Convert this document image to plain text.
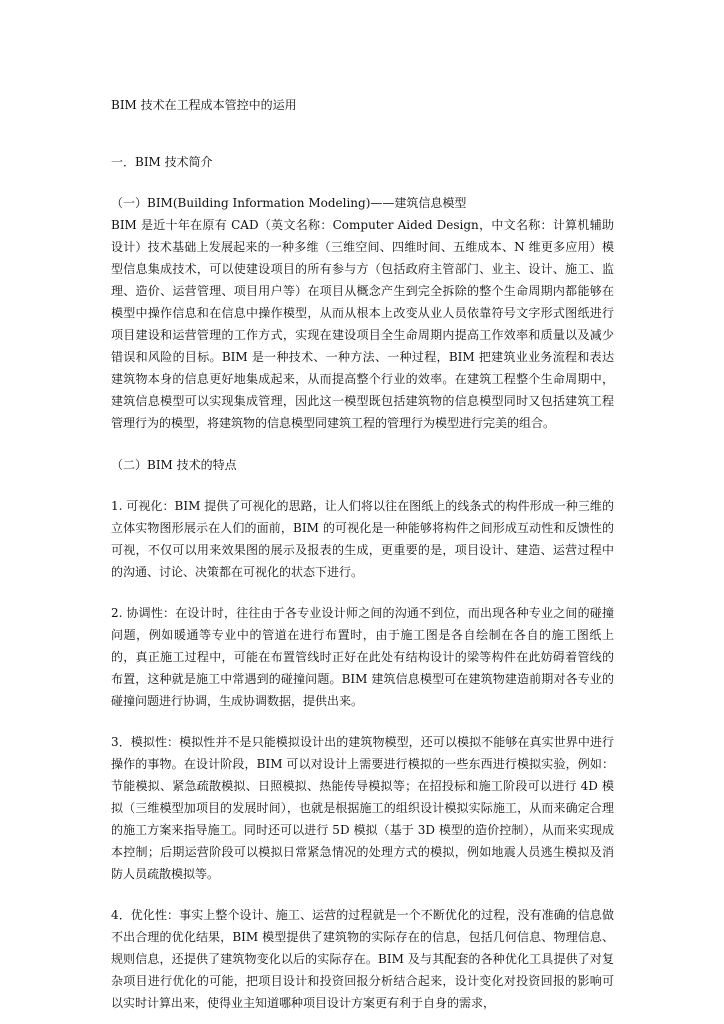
BIM 技术在工程成本管控中的运用

一．BIM 技术简介

（一）BIM(Building Information Modeling)——建筑信息模型

BIM 是近十年在原有 CAD（英文名称：Computer Aided Design，中文名称：计算机辅助设计）技术基础上发展起来的一种多维（三维空间、四维时间、五维成本、N 维更多应用）模型信息集成技术，可以使建设项目的所有参与方（包括政府主管部门、业主、设计、施工、监理、造价、运营管理、项目用户等）在项目从概念产生到完全拆除的整个生命周期内都能够在模型中操作信息和在信息中操作模型，从而从根本上改变从业人员依靠符号文字形式图纸进行项目建设和运营管理的工作方式，实现在建设项目全生命周期内提高工作效率和质量以及减少错误和风险的目标。BIM 是一种技术、一种方法、一种过程，BIM 把建筑业业务流程和表达建筑物本身的信息更好地集成起来，从而提高整个行业的效率。在建筑工程整个生命周期中，建筑信息模型可以实现集成管理，因此这一模型既包括建筑物的信息模型同时又包括建筑工程管理行为的模型，将建筑物的信息模型同建筑工程的管理行为模型进行完美的组合。

（二）BIM 技术的特点

1. 可视化：BIM 提供了可视化的思路，让人们将以往在图纸上的线条式的构件形成一种三维的立体实物图形展示在人们的面前，BIM 的可视化是一种能够将构件之间形成互动性和反馈性的可视，不仅可以用来效果图的展示及报表的生成，更重要的是，项目设计、建造、运营过程中的沟通、讨论、决策都在可视化的状态下进行。

2. 协调性：在设计时，往往由于各专业设计师之间的沟通不到位，而出现各种专业之间的碰撞问题，例如暖通等专业中的管道在进行布置时，由于施工图是各自绘制在各自的施工图纸上的，真正施工过程中，可能在布置管线时正好在此处有结构设计的梁等构件在此妨碍着管线的布置，这种就是施工中常遇到的碰撞问题。BIM 建筑信息模型可在建筑物建造前期对各专业的碰撞问题进行协调，生成协调数据，提供出来。

3．模拟性：模拟性并不是只能模拟设计出的建筑物模型，还可以模拟不能够在真实世界中进行操作的事物。在设计阶段，BIM 可以对设计上需要进行模拟的一些东西进行模拟实验，例如：节能模拟、紧急疏散模拟、日照模拟、热能传导模拟等；在招投标和施工阶段可以进行 4D 模拟（三维模型加项目的发展时间），也就是根据施工的组织设计模拟实际施工，从而来确定合理的施工方案来指导施工。同时还可以进行 5D 模拟（基于 3D 模型的造价控制），从而来实现成本控制；后期运营阶段可以模拟日常紧急情况的处理方式的模拟，例如地震人员逃生模拟及消防人员疏散模拟等。

4．优化性：事实上整个设计、施工、运营的过程就是一个不断优化的过程，没有准确的信息做不出合理的优化结果，BIM 模型提供了建筑物的实际存在的信息，包括几何信息、物理信息、规则信息，还提供了建筑物变化以后的实际存在。BIM 及与其配套的各种优化工具提供了对复杂项目进行优化的可能，把项目设计和投资回报分析结合起来，设计变化对投资回报的影响可以实时计算出来，使得业主知道哪种项目设计方案更有利于自身的需求，
